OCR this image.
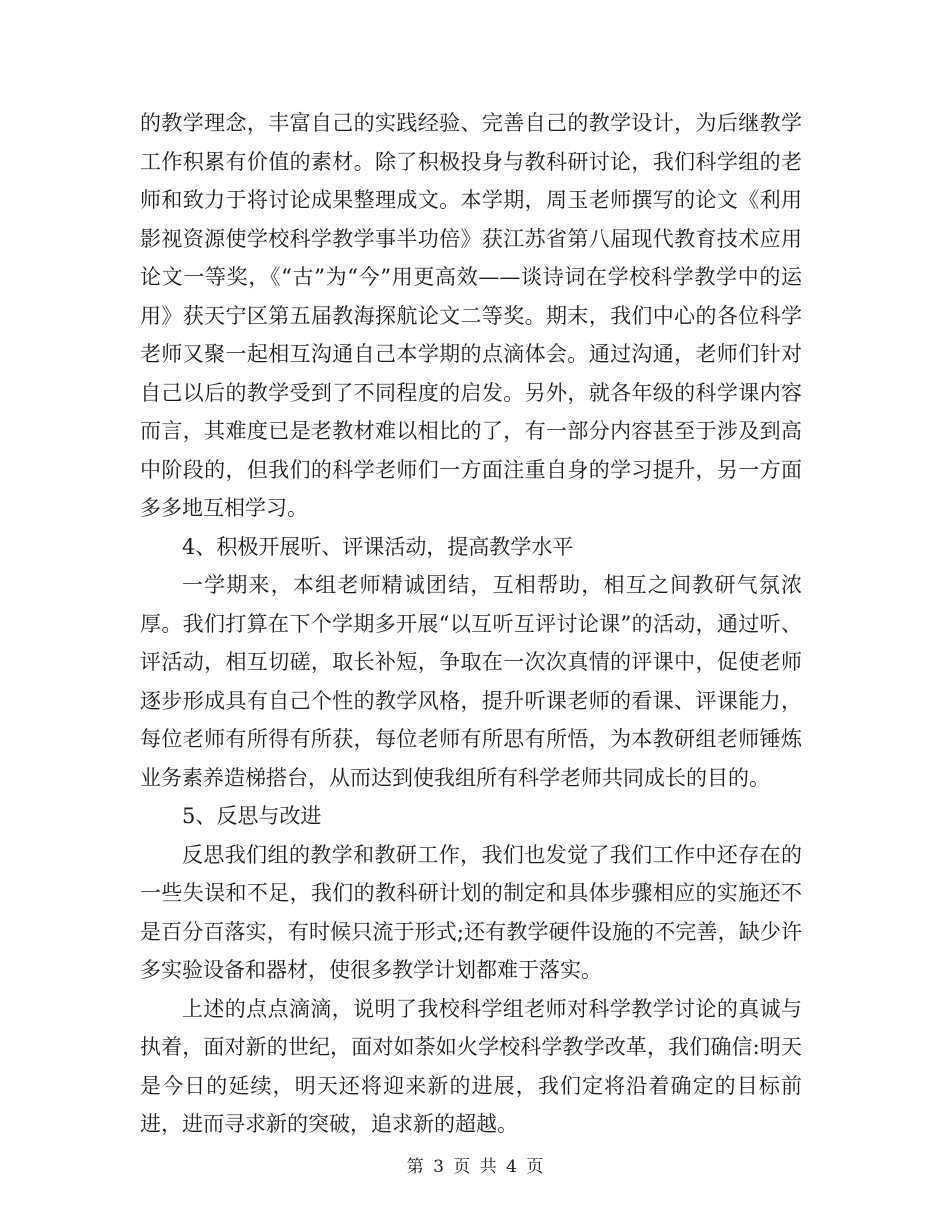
的教学理念，丰富自己的实践经验、完善自己的教学设计，为后继教学工作积累有价值的素材。除了积极投身与教科研讨论，我们科学组的老师和致力于将讨论成果整理成文。本学期，周玉老师撰写的论文《利用影视资源使学校科学教学事半功倍》获江苏省第八届现代教育技术应用论文一等奖，《“古”为“今”用更高效——谈诗词在学校科学教学中的运用》获天宁区第五届教海探航论文二等奖。期末，我们中心的各位科学老师又聚一起相互沟通自己本学期的点滴体会。通过沟通，老师们针对自己以后的教学受到了不同程度的启发。另外，就各年级的科学课内容而言，其难度已是老教材难以相比的了，有一部分内容甚至于涉及到高中阶段的，但我们的科学老师们一方面注重自身的学习提升，另一方面多多地互相学习。

4、积极开展听、评课活动，提高教学水平

一学期来，本组老师精诚团结，互相帮助，相互之间教研气氛浓厚。我们打算在下个学期多开展“以互听互评讨论课”的活动，通过听、评活动，相互切磋，取长补短，争取在一次次真情的评课中，促使老师逐步形成具有自己个性的教学风格，提升听课老师的看课、评课能力，每位老师有所得有所获，每位老师有所思有所悟，为本教研组老师锤炼业务素养造梯搭台，从而达到使我组所有科学老师共同成长的目的。

5、反思与改进

反思我们组的教学和教研工作，我们也发觉了我们工作中还存在的一些失误和不足，我们的教科研计划的制定和具体步骤相应的实施还不是百分百落实，有时候只流于形式;还有教学硬件设施的不完善，缺少许多实验设备和器材，使很多教学计划都难于落实。

上述的点点滴滴，说明了我校科学组老师对科学教学讨论的真诚与执着，面对新的世纪，面对如荼如火学校科学教学改革，我们确信:明天是今日的延续，明天还将迎来新的进展，我们定将沿着确定的目标前进，进而寻求新的突破，追求新的超越。

第 3 页 共 4 页
